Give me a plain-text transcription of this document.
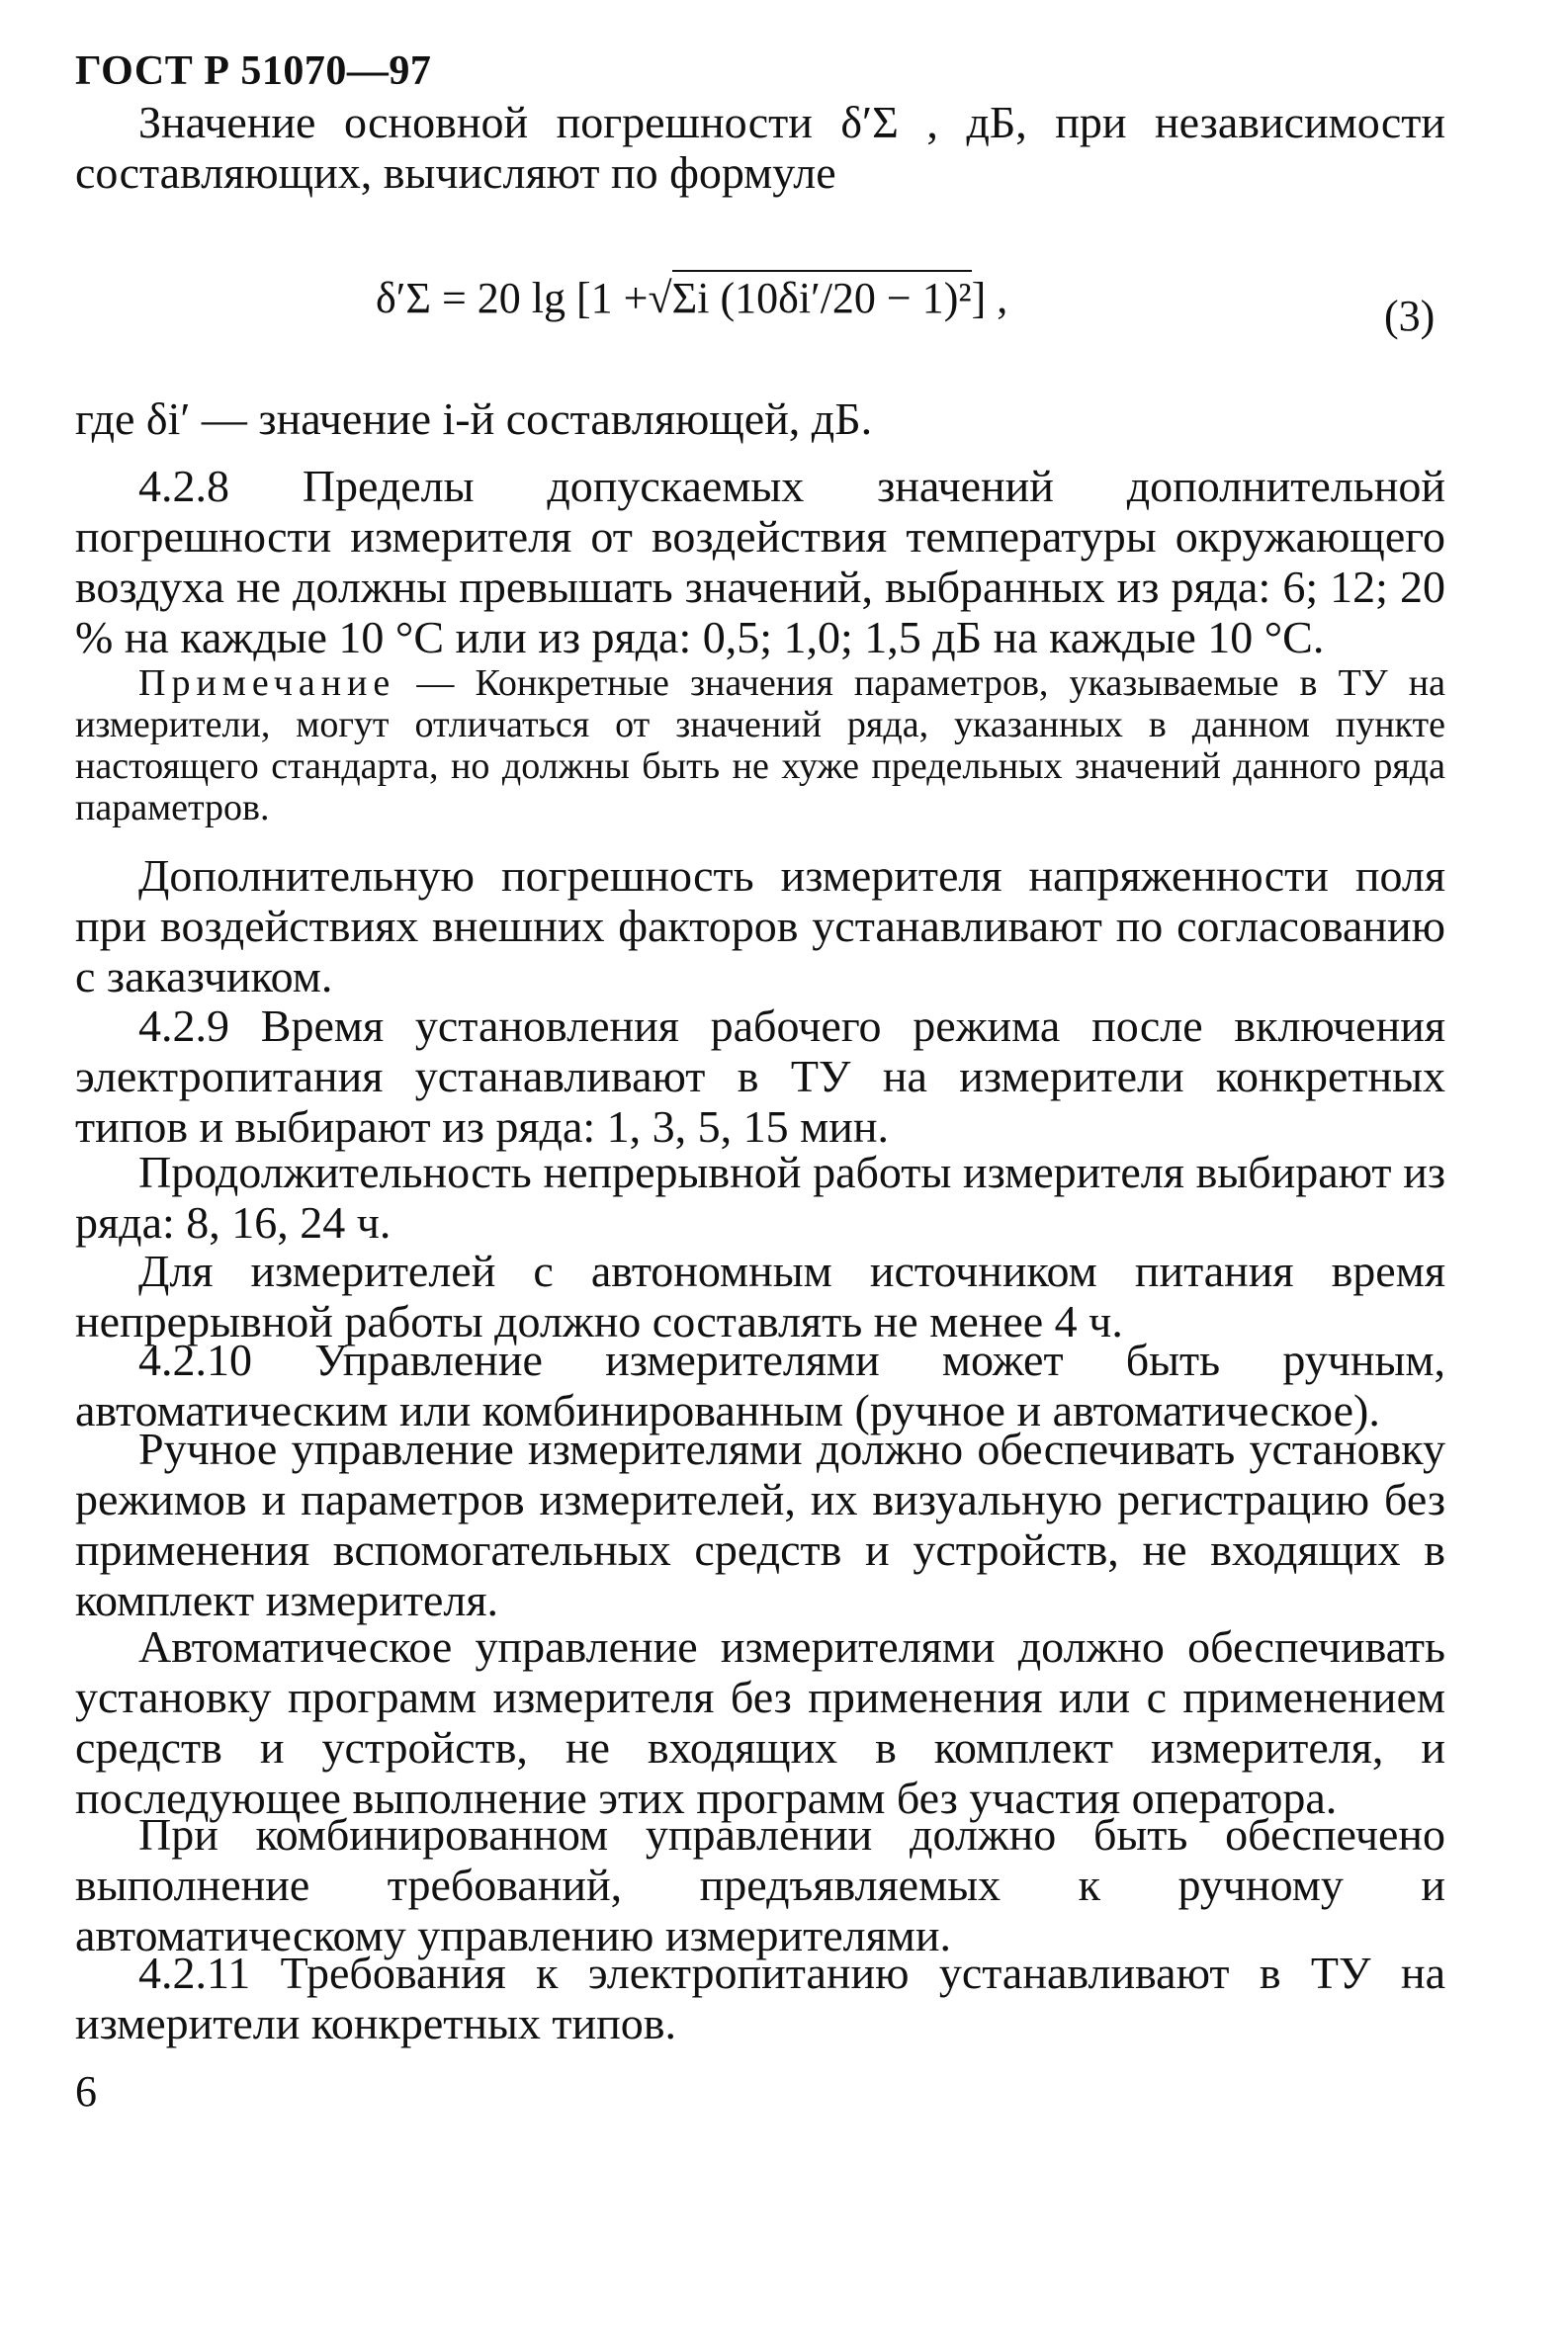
ГОСТ Р 51070—97
Значение основной погрешности δ′Σ , дБ, при независимости составляющих, вычисляют по формуле
δ′Σ = 20 lg [1 +√Σi (10δi′/20 − 1)²] ,	(3)
где δi′ — значение i-й составляющей, дБ.
4.2.8 Пределы допускаемых значений дополнительной погрешности измерителя от воздействия температуры окружающего воздуха не должны превышать значений, выбранных из ряда: 6; 12; 20 % на каждые 10 °С или из ряда: 0,5; 1,0; 1,5 дБ на каждые 10 °С.
Примечание — Конкретные значения параметров, указываемые в ТУ на измерители, могут отличаться от значений ряда, указанных в данном пункте настоящего стандарта, но должны быть не хуже предельных значений данного ряда параметров.
Дополнительную погрешность измерителя напряженности поля при воздействиях внешних факторов устанавливают по согласованию с заказчиком.
4.2.9 Время установления рабочего режима после включения электропитания устанавливают в ТУ на измерители конкретных типов и выбирают из ряда: 1, 3, 5, 15 мин.
Продолжительность непрерывной работы измерителя выбирают из ряда: 8, 16, 24 ч.
Для измерителей с автономным источником питания время непрерывной работы должно составлять не менее 4 ч.
4.2.10 Управление измерителями может быть ручным, автоматическим или комбинированным (ручное и автоматическое).
Ручное управление измерителями должно обеспечивать установку режимов и параметров измерителей, их визуальную регистрацию без применения вспомогательных средств и устройств, не входящих в комплект измерителя.
Автоматическое управление измерителями должно обеспечивать установку программ измерителя без применения или с применением средств и устройств, не входящих в комплект измерителя, и последующее выполнение этих программ без участия оператора.
При комбинированном управлении должно быть обеспечено выполнение требований, предъявляемых к ручному и автоматическому управлению измерителями.
4.2.11 Требования к электропитанию устанавливают в ТУ на измерители конкретных типов.
6
